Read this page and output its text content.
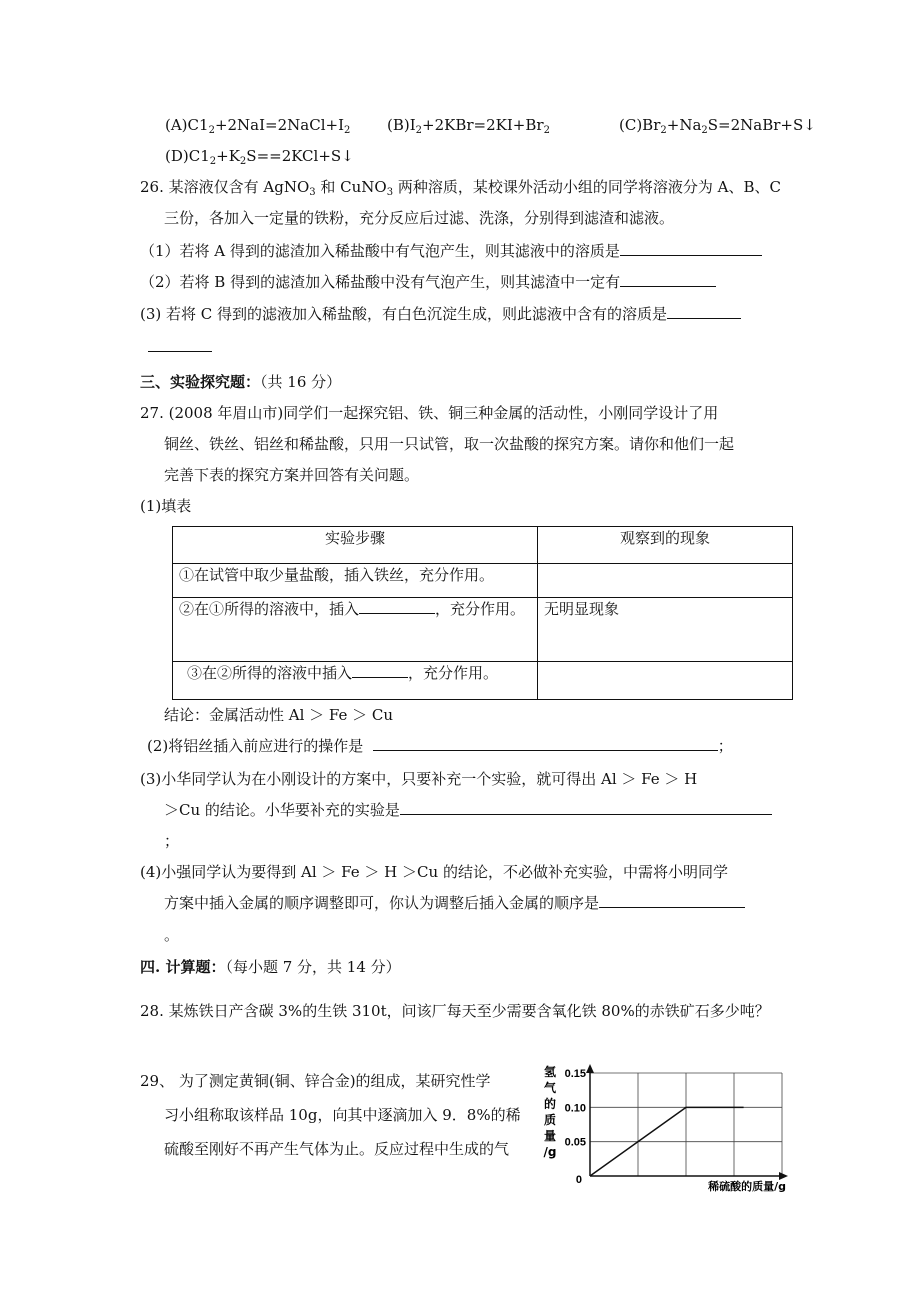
$(A)C1_2+2NaI=2NaCl+I_2$ $(B)I_2+2KBr=2KI+Br_2$	$(C)Br_2+Na_2S=2NaBr+S↓$
$(D)C1_2+K_2S==2KCl+S↓$
26. 某溶液仅含有 AgNO$_3$ 和 CuNO$_3$ 两种溶质，某校课外活动小组的同学将溶液分为 A、B、C
三份，各加入一定量的铁粉，充分反应后过滤、洗涤，分别得到滤渣和滤液。
（1）若将 A 得到的滤渣加入稀盐酸中有气泡产生，则其滤液中的溶质是
（2）若将 B 得到的滤渣加入稀盐酸中没有气泡产生，则其滤渣中一定有
(3) 若将 C 得到的滤液加入稀盐酸，有白色沉淀生成，则此滤液中含有的溶质是
三、实验探究题：（共 16 分）
27. (2008 年眉山市)同学们一起探究铝、铁、铜三种金属的活动性，小刚同学设计了用
铜丝、铁丝、铝丝和稀盐酸，只用一只试管，取一次盐酸的探究方案。请你和他们一起
完善下表的探究方案并回答有关问题。
(1)填表
实验步骤	观察到的现象
①在试管中取少量盐酸，插入铁丝，充分作用。	
②在①所得的溶液中，插入 ，充分作用。	无明显现象
③在②所得的溶液中插入 ，充分作用。	
结论：金属活动性 Al ＞ Fe ＞ Cu
(2)将铝丝插入前应进行的操作是	；
(3)小华同学认为在小刚设计的方案中，只要补充一个实验，就可得出 Al ＞ Fe ＞ H
＞Cu 的结论。小华要补充的实验是
；
(4)小强同学认为要得到 Al ＞ Fe ＞ H ＞Cu 的结论，不必做补充实验，中需将小明同学
方案中插入金属的顺序调整即可，你认为调整后插入金属的顺序是
。
四. 计算题：（每小题 7 分，共 14 分）
28. 某炼铁日产含碳 3%的生铁 310t，问该厂每天至少需要含氧化铁 80%的赤铁矿石多少吨？
29、 为了测定黄铜(铜、锌合金)的组成，某研究性学
习小组称取该样品 10g，向其中逐滴加入 9．8%的稀
硫酸至刚好不再产生气体为止。反应过程中生成的气
氢
气
的
质
量
/g
0.15
0.10
0.05
0	稀硫酸的质量/g
